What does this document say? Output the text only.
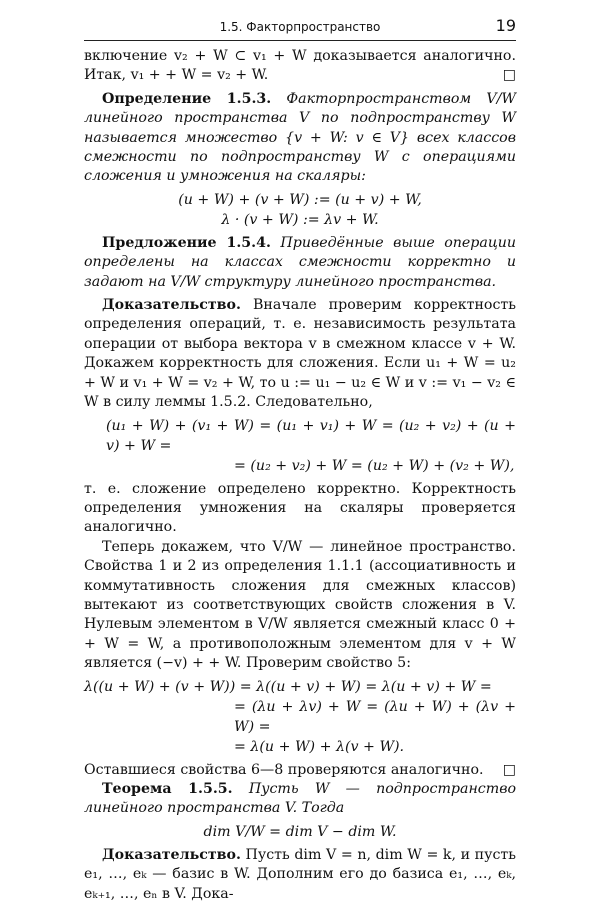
1.5. Факторпространство	19

включение v₂ + W ⊂ v₁ + W доказывается аналогично. Итак, v₁ + + W = v₂ + W.	□

Определение 1.5.3. Факторпространством V/W линейного пространства V по подпространству W называется множество {v + W: v ∈ V} всех классов смежности по подпространству W с операциями сложения и умножения на скаляры:

(u + W) + (v + W) := (u + v) + W,
λ · (v + W) := λv + W.

Предложение 1.5.4. Приведённые выше операции определены на классах смежности корректно и задают на V/W структуру линейного пространства.

Доказательство. Вначале проверим корректность определения операций, т. е. независимость результата операции от выбора вектора v в смежном классе v + W. Докажем корректность для сложения. Если u₁ + W = u₂ + W и v₁ + W = v₂ + W, то u := u₁ − u₂ ∈ W и v := v₁ − v₂ ∈ W в силу леммы 1.5.2. Следовательно,

(u₁ + W) + (v₁ + W) = (u₁ + v₁) + W = (u₂ + v₂) + (u + v) + W =
= (u₂ + v₂) + W = (u₂ + W) + (v₂ + W),

т. е. сложение определено корректно. Корректность определения умножения на скаляры проверяется аналогично.

Теперь докажем, что V/W — линейное пространство. Свойства 1 и 2 из определения 1.1.1 (ассоциативность и коммутативность сложения для смежных классов) вытекают из соответствующих свойств сложения в V. Нулевым элементом в V/W является смежный класс 0 + + W = W, а противоположным элементом для v + W является (−v) + + W. Проверим свойство 5:

λ((u + W) + (v + W)) = λ((u + v) + W) = λ(u + v) + W =
= (λu + λv) + W = (λu + W) + (λv + W) =
= λ(u + W) + λ(v + W).

Оставшиеся свойства 6—8 проверяются аналогично. □

Теорема 1.5.5. Пусть W — подпространство линейного пространства V. Тогда

dim V/W = dim V − dim W.

Доказательство. Пусть dim V = n, dim W = k, и пусть e₁, …, eₖ — базис в W. Дополним его до базиса e₁, …, eₖ, eₖ₊₁, …, eₙ в V. Дока-
